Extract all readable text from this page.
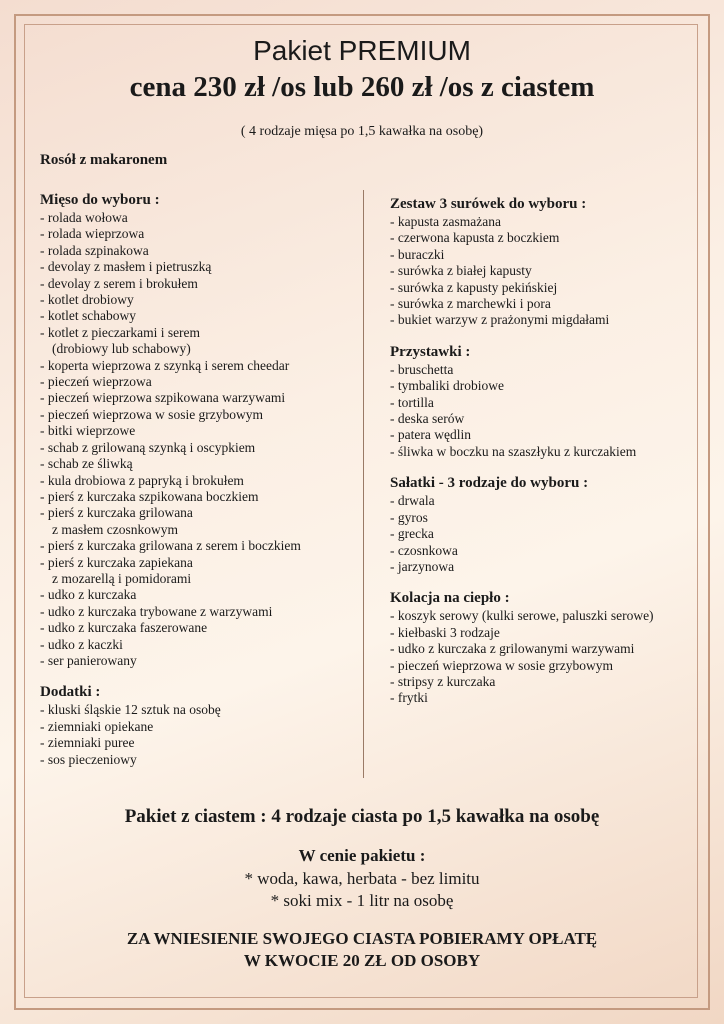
Pakiet PREMIUM
cena 230 zł /os lub 260 zł /os z ciastem
( 4 rodzaje mięsa po 1,5 kawałka na osobę)
Rosół z makaronem
Mięso do wyboru :
- rolada wołowa
- rolada wieprzowa
- rolada szpinakowa
- devolay z masłem i pietruszką
- devolay z serem i brokułem
- kotlet drobiowy
- kotlet schabowy
- kotlet z pieczarkami i serem
(drobiowy lub schabowy)
- koperta wieprzowa z szynką i serem cheedar
- pieczeń wieprzowa
- pieczeń wieprzowa szpikowana warzywami
- pieczeń wieprzowa w sosie grzybowym
- bitki wieprzowe
- schab z grilowaną szynką i oscypkiem
- schab ze śliwką
- kula drobiowa z papryką i brokułem
- pierś z kurczaka szpikowana boczkiem
- pierś z kurczaka grilowana
z masłem czosnkowym
- pierś z kurczaka grilowana z serem i boczkiem
- pierś z kurczaka zapiekana
z mozarellą i pomidorami
- udko z kurczaka
- udko z kurczaka trybowane z warzywami
- udko z kurczaka faszerowane
- udko z kaczki
- ser panierowany
Dodatki :
- kluski śląskie 12 sztuk na osobę
- ziemniaki opiekane
- ziemniaki puree
- sos pieczeniowy
Zestaw 3 surówek do wyboru :
- kapusta zasmażana
- czerwona kapusta z boczkiem
- buraczki
- surówka z białej kapusty
- surówka z kapusty pekińskiej
- surówka z marchewki i pora
- bukiet warzyw z prażonymi migdałami
Przystawki :
- bruschetta
- tymbaliki drobiowe
- tortilla
- deska serów
- patera wędlin
- śliwka w boczku na szaszłyku z kurczakiem
Sałatki - 3 rodzaje do wyboru :
- drwala
- gyros
- grecka
- czosnkowa
- jarzynowa
Kolacja na ciepło :
- koszyk serowy (kulki serowe, paluszki serowe)
- kiełbaski 3 rodzaje
- udko z kurczaka z grilowanymi warzywami
- pieczeń wieprzowa w sosie grzybowym
- stripsy z kurczaka
- frytki
Pakiet z ciastem : 4 rodzaje ciasta po 1,5 kawałka na osobę
W cenie pakietu :
* woda, kawa, herbata - bez limitu
* soki mix - 1 litr na osobę
ZA WNIESIENIE SWOJEGO CIASTA POBIERAMY OPŁATĘ
W KWOCIE 20 ZŁ OD OSOBY
